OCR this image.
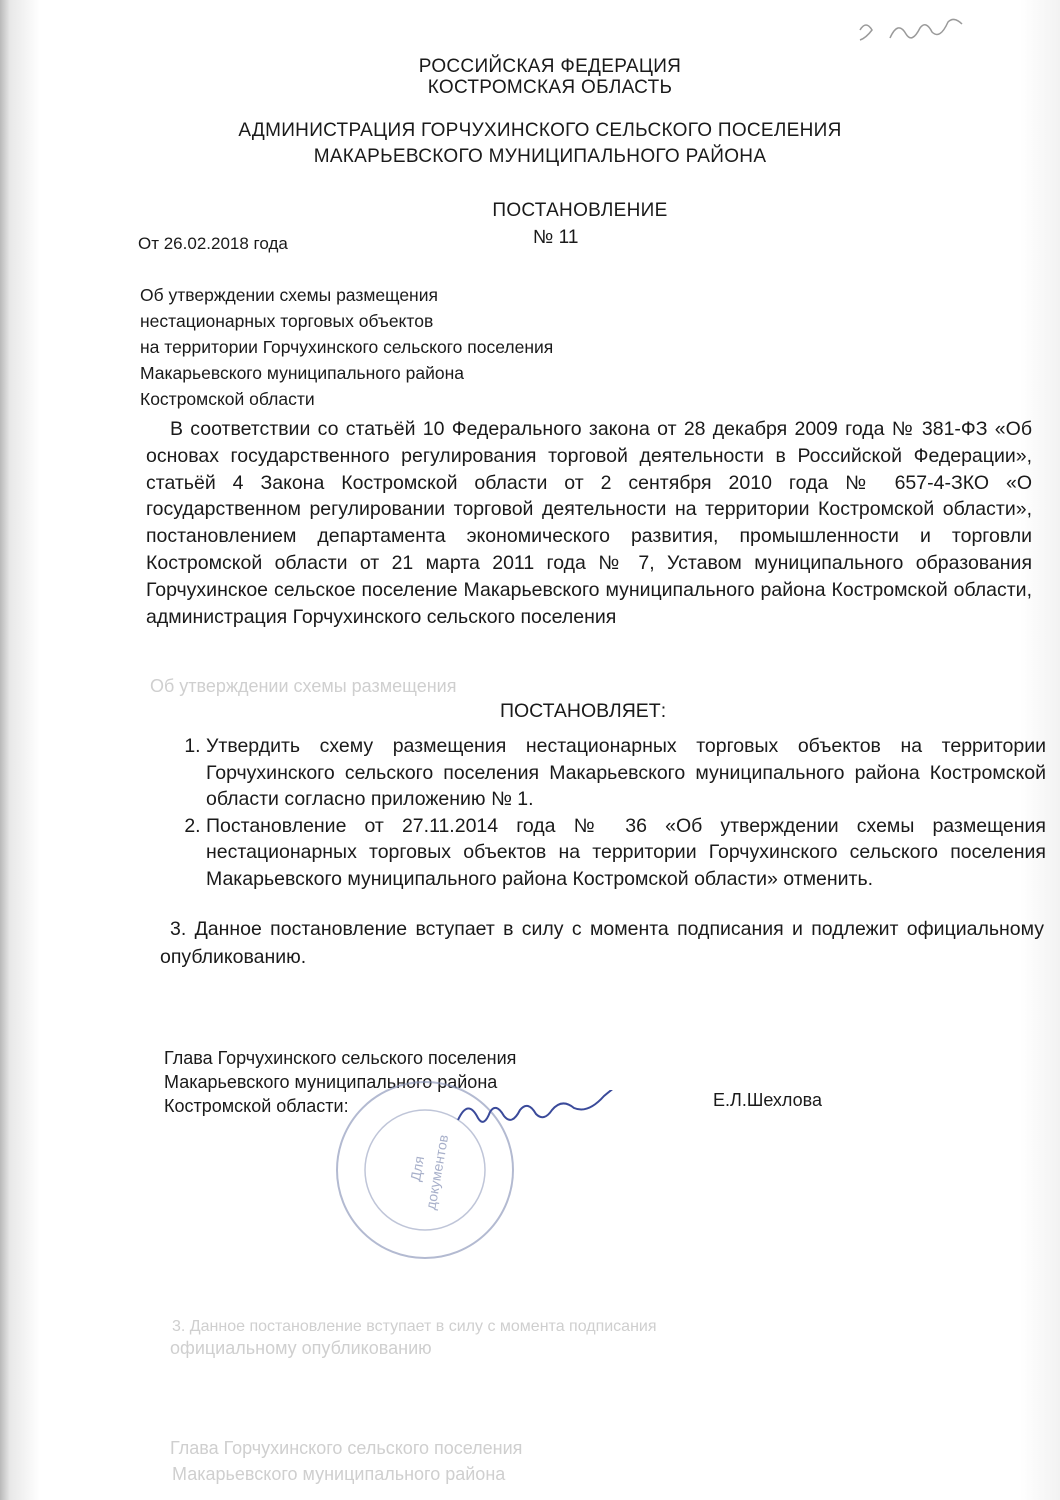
РОССИЙСКАЯ ФЕДЕРАЦИЯ
КОСТРОМСКАЯ ОБЛАСТЬ
АДМИНИСТРАЦИЯ ГОРЧУХИНСКОГО СЕЛЬСКОГО ПОСЕЛЕНИЯ
МАКАРЬЕВСКОГО МУНИЦИПАЛЬНОГО РАЙОНА
ПОСТАНОВЛЕНИЕ
От 26.02.2018 года	№ 11
Об утверждении схемы размещения
нестационарных торговых объектов
на территории Горчухинского сельского поселения
Макарьевского муниципального района
Костромской области

В соответствии со статьёй 10 Федерального закона от 28 декабря 2009 года № 381-ФЗ «Об основах государственного регулирования торговой деятельности в Российской Федерации», статьёй 4 Закона Костромской области от 2 сентября 2010 года № 657-4-ЗКО «О государственном регулировании торговой деятельности на территории Костромской области», постановлением департамента экономического развития, промышленности и торговли Костромской области от 21 марта 2011 года № 7, Уставом муниципального образования Горчухинское сельское поселение Макарьевского муниципального района Костромской области, администрация Горчухинского сельского поселения

Об утверждении схемы размещения
ПОСТАНОВЛЯЕТ:
1. Утвердить схему размещения нестационарных торговых объектов на территории Горчухинского сельского поселения Макарьевского муниципального района Костромской области согласно приложению № 1.
2. Постановление от 27.11.2014 года № 36 «Об утверждении схемы размещения нестационарных торговых объектов на территории Горчухинского сельского поселения Макарьевского муниципального района Костромской области» отменить.

3. Данное постановление вступает в силу с момента подписания и подлежит официальному опубликованию.

Глава Горчухинского сельского поселения
Макарьевского муниципального района
Костромской области:	Е.Л.Шехлова
Для
документов
официальному опубликованию
3. Данное постановление вступает в силу с момента подписания
Глава Горчухинского сельского поселения
Макарьевского муниципального района
